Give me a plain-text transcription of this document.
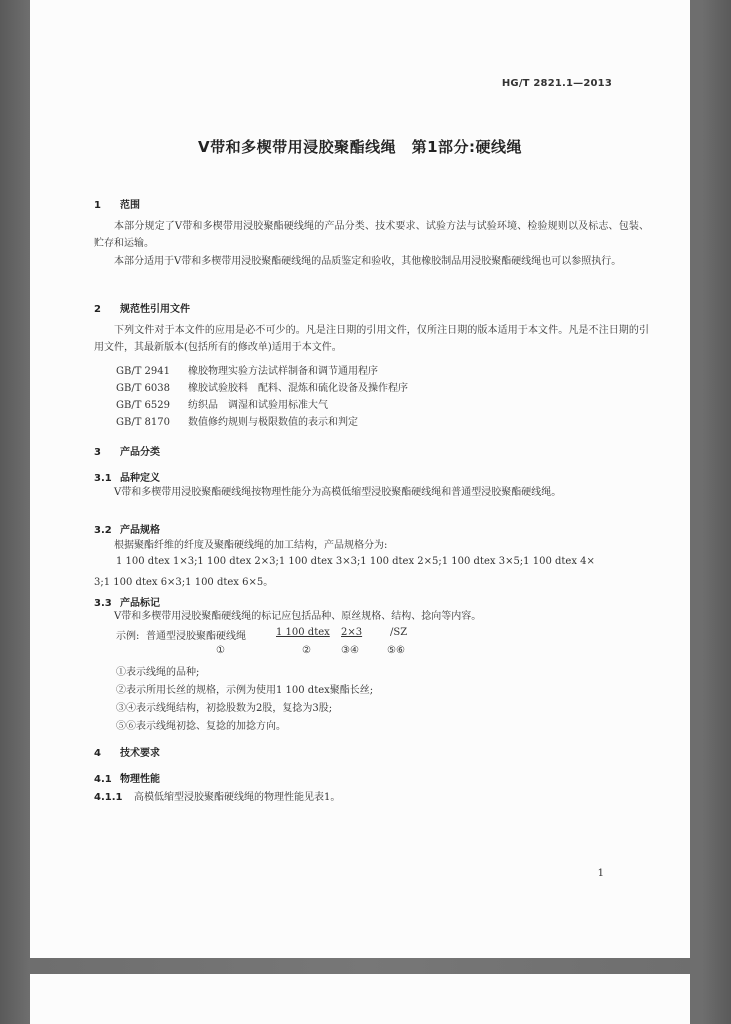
HG/T 2821.1—2013
V带和多楔带用浸胶聚酯线绳　第1部分:硬线绳
1 范围
本部分规定了V带和多楔带用浸胶聚酯硬线绳的产品分类、技术要求、试验方法与试验环境、检验规则以及标志、包装、贮存和运输。
本部分适用于V带和多楔带用浸胶聚酯硬线绳的品质鉴定和验收，其他橡胶制品用浸胶聚酯硬线绳也可以参照执行。
2 规范性引用文件
下列文件对于本文件的应用是必不可少的。凡是注日期的引用文件，仅所注日期的版本适用于本文件。凡是不注日期的引用文件，其最新版本(包括所有的修改单)适用于本文件。
GB/T 2941 橡胶物理实验方法试样制备和调节通用程序
GB/T 6038 橡胶试验胶料　配料、混炼和硫化设备及操作程序
GB/T 6529 纺织品　调湿和试验用标准大气
GB/T 8170 数值修约规则与极限数值的表示和判定
3 产品分类
3.1 品种定义
V带和多楔带用浸胶聚酯硬线绳按物理性能分为高模低缩型浸胶聚酯硬线绳和普通型浸胶聚酯硬线绳。
3.2 产品规格
根据聚酯纤维的纤度及聚酯硬线绳的加工结构，产品规格分为:
1 100 dtex 1×3;1 100 dtex 2×3;1 100 dtex 3×3;1 100 dtex 2×5;1 100 dtex 3×5;1 100 dtex 4×
3;1 100 dtex 6×3;1 100 dtex 6×5。
3.3 产品标记
V带和多楔带用浸胶聚酯硬线绳的标记应包括品种、原丝规格、结构、捻向等内容。
示例: 普通型浸胶聚酯硬线绳	1 100 dtex 2×3	/SZ
①	②	③④	⑤⑥
①表示线绳的品种;
②表示所用长丝的规格，示例为使用1 100 dtex聚酯长丝;
③④表示线绳结构，初捻股数为2股，复捻为3股;
⑤⑥表示线绳初捻、复捻的加捻方向。
4 技术要求
4.1 物理性能
4.1.1 高模低缩型浸胶聚酯硬线绳的物理性能见表1。
1
